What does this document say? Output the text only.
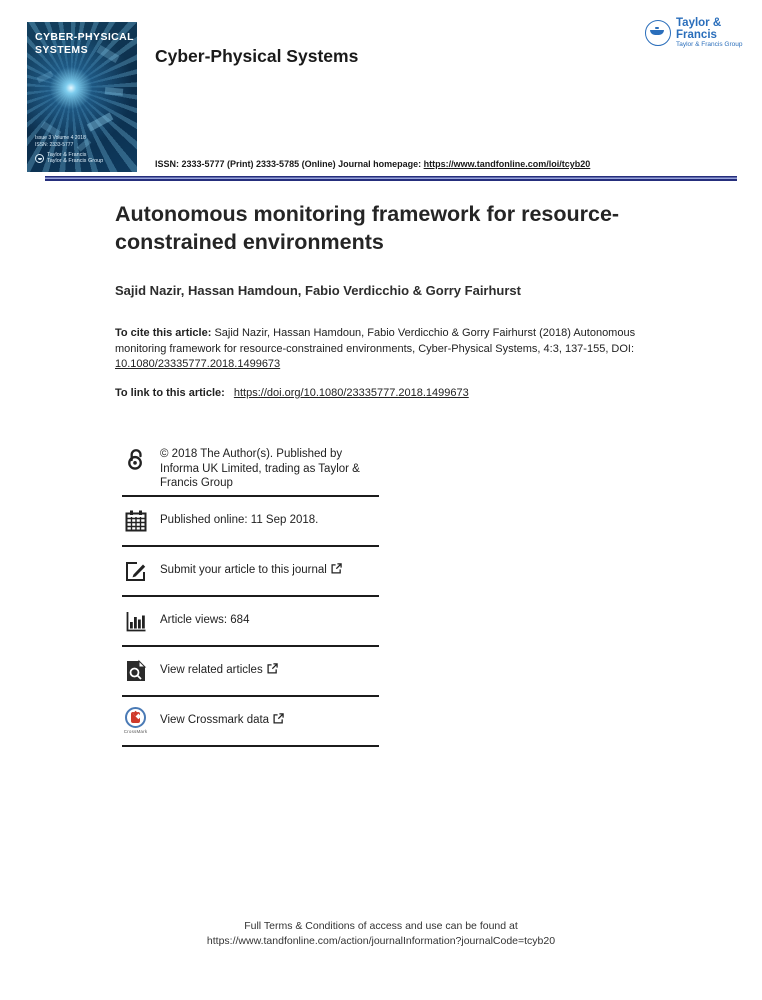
CYBER-PHYSICAL
SYSTEMS
Issue 3 Volume 4 2018
ISSN: 2333-5777
Taylor & Francis
Taylor & Francis Group
Cyber-Physical Systems
Taylor & Francis
Taylor & Francis Group
ISSN: 2333-5777 (Print) 2333-5785 (Online) Journal homepage: https://www.tandfonline.com/loi/tcyb20
Autonomous monitoring framework for resource-constrained environments
Sajid Nazir, Hassan Hamdoun, Fabio Verdicchio & Gorry Fairhurst

To cite this article: Sajid Nazir, Hassan Hamdoun, Fabio Verdicchio & Gorry Fairhurst (2018) Autonomous monitoring framework for resource-constrained environments, Cyber-Physical Systems, 4:3, 137-155, DOI: 10.1080/23335777.2018.1499673

To link to this article: https://doi.org/10.1080/23335777.2018.1499673

© 2018 The Author(s). Published by Informa UK Limited, trading as Taylor & Francis Group
Published online: 11 Sep 2018.
Submit your article to this journal
Article views: 684
View related articles
CrossMark
View Crossmark data
Full Terms & Conditions of access and use can be found at
https://www.tandfonline.com/action/journalInformation?journalCode=tcyb20
